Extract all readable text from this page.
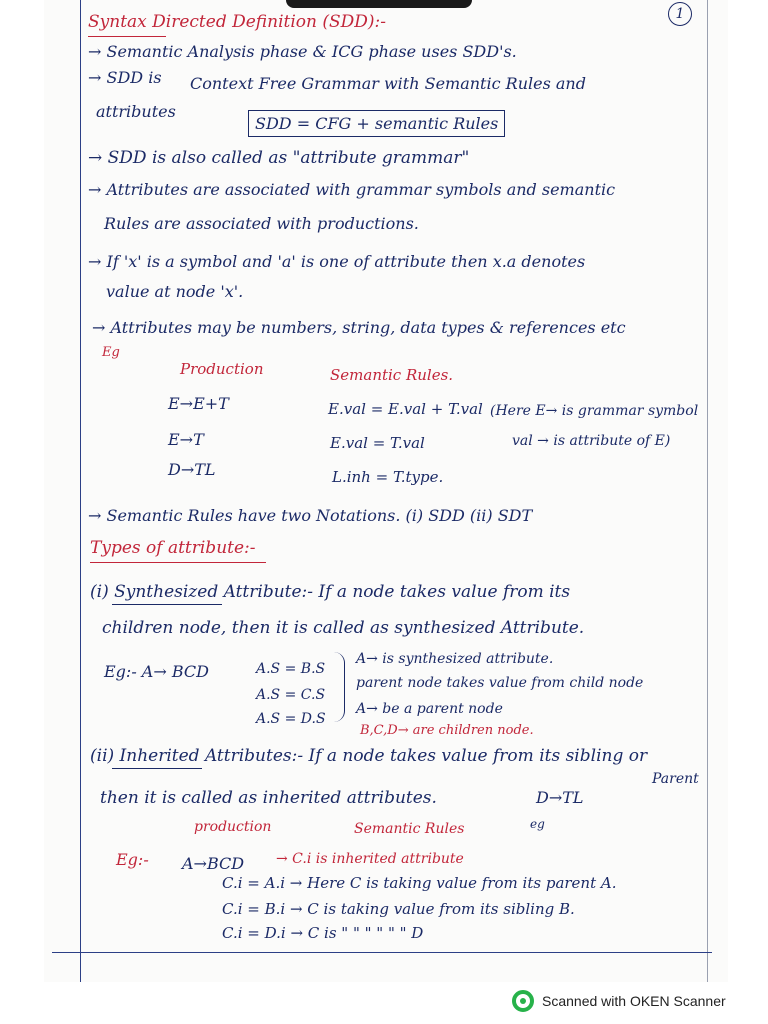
1
Syntax Directed Definition (SDD):-
→ Semantic Analysis phase & ICG phase uses SDD's.
→ SDD is Context Free Grammar with Semantic Rules and
attributes
SDD = CFG + semantic Rules
→ SDD is also called as "attribute grammar"
→ Attributes are associated with grammar symbols and semantic
Rules are associated with productions.
→ If 'x' is a symbol and 'a' is one of attribute then x.a denotes
value at node 'x'.
→ Attributes may be numbers, string, data types & references etc
Eg
Production	Semantic Rules.
E→E+T	E.val = E.val + T.val (Here E→ is grammar symbol
E→T	E.val = T.val	val → is attribute of E)
D→TL	L.inh = T.type.
→ Semantic Rules have two Notations. (i) SDD (ii) SDT
Types of attribute:-
(i) Synthesized Attribute:- If a node takes value from its
children node, then it is called as synthesized Attribute.
Eg:- A→ BCD	A.S = B.S
A.S = C.S
A.S = D.S
A→ is synthesized attribute.
parent node takes value from child node
A→ be a parent node
B,C,D→ are children node.
(ii) Inherited Attributes:- If a node takes value from its sibling or
Parent
then it is called as inherited attributes.	D→TL
production	Semantic Rules	eg
Eg:- A→BCD → C.i is inherited attribute
C.i = A.i → Here C is taking value from its parent A.
C.i = B.i → C is taking value from its sibling B.
C.i = D.i → C is " " " " " " D
Scanned with OKEN Scanner
